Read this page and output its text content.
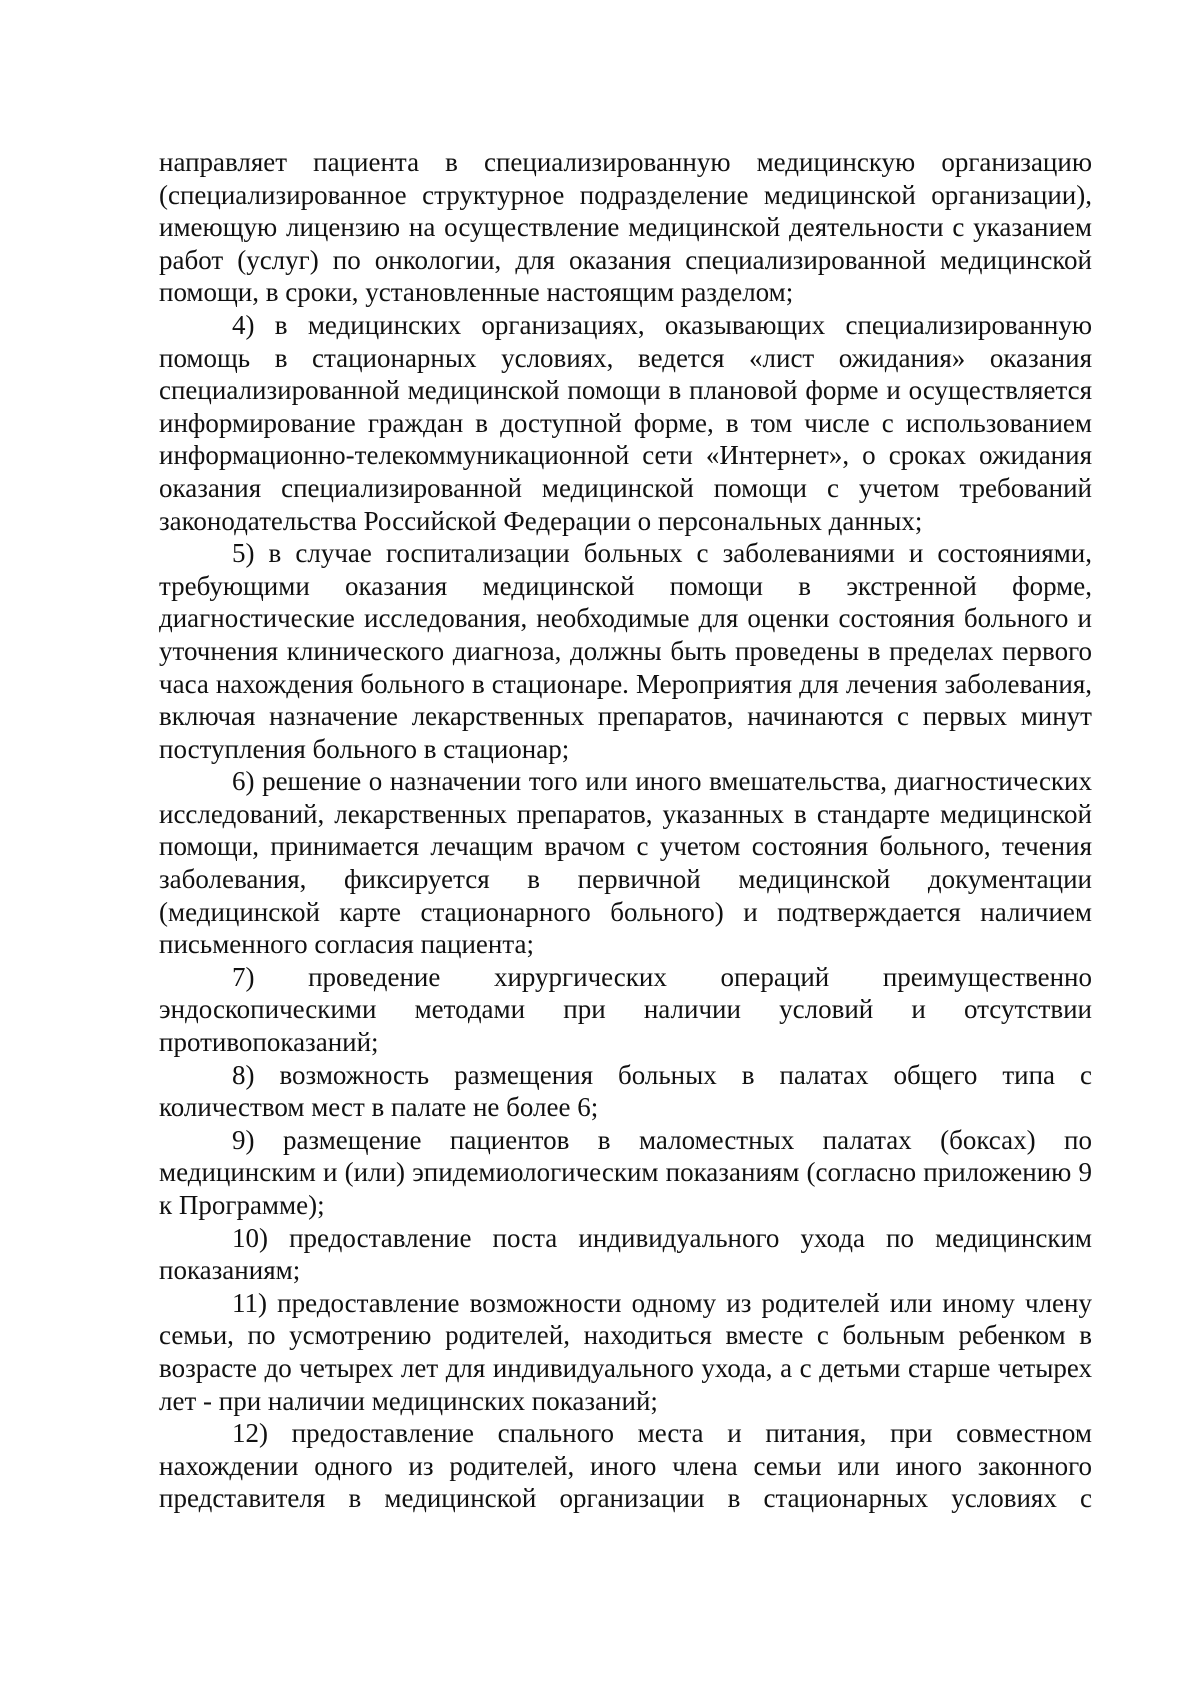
направляет пациента в специализированную медицинскую организацию (специализированное структурное подразделение медицинской организации), имеющую лицензию на осуществление медицинской деятельности с указанием работ (услуг) по онкологии, для оказания специализированной медицинской помощи, в сроки, установленные настоящим разделом;

4) в медицинских организациях, оказывающих специализированную помощь в стационарных условиях, ведется «лист ожидания» оказания специализированной медицинской помощи в плановой форме и осуществляется информирование граждан в доступной форме, в том числе с использованием информационно-телекоммуникационной сети «Интернет», о сроках ожидания оказания специализированной медицинской помощи с учетом требований законодательства Российской Федерации о персональных данных;

5) в случае госпитализации больных с заболеваниями и состояниями, требующими оказания медицинской помощи в экстренной форме, диагностические исследования, необходимые для оценки состояния больного и уточнения клинического диагноза, должны быть проведены в пределах первого часа нахождения больного в стационаре. Мероприятия для лечения заболевания, включая назначение лекарственных препаратов, начинаются с первых минут поступления больного в стационар;

6) решение о назначении того или иного вмешательства, диагностических исследований, лекарственных препаратов, указанных в стандарте медицинской помощи, принимается лечащим врачом с учетом состояния больного, течения заболевания, фиксируется в первичной медицинской документации (медицинской карте стационарного больного) и подтверждается наличием письменного согласия пациента;

7) проведение хирургических операций преимущественно эндоскопическими методами при наличии условий и отсутствии противопоказаний;

8) возможность размещения больных в палатах общего типа с количеством мест в палате не более 6;

9) размещение пациентов в маломестных палатах (боксах) по медицинским и (или) эпидемиологическим показаниям (согласно приложению 9 к Программе);

10) предоставление поста индивидуального ухода по медицинским показаниям;

11) предоставление возможности одному из родителей или иному члену семьи, по усмотрению родителей, находиться вместе с больным ребенком в возрасте до четырех лет для индивидуального ухода, а с детьми старше четырех лет - при наличии медицинских показаний;

12) предоставление спального места и питания, при совместном нахождении одного из родителей, иного члена семьи или иного законного представителя в медицинской организации в стационарных условиях с
